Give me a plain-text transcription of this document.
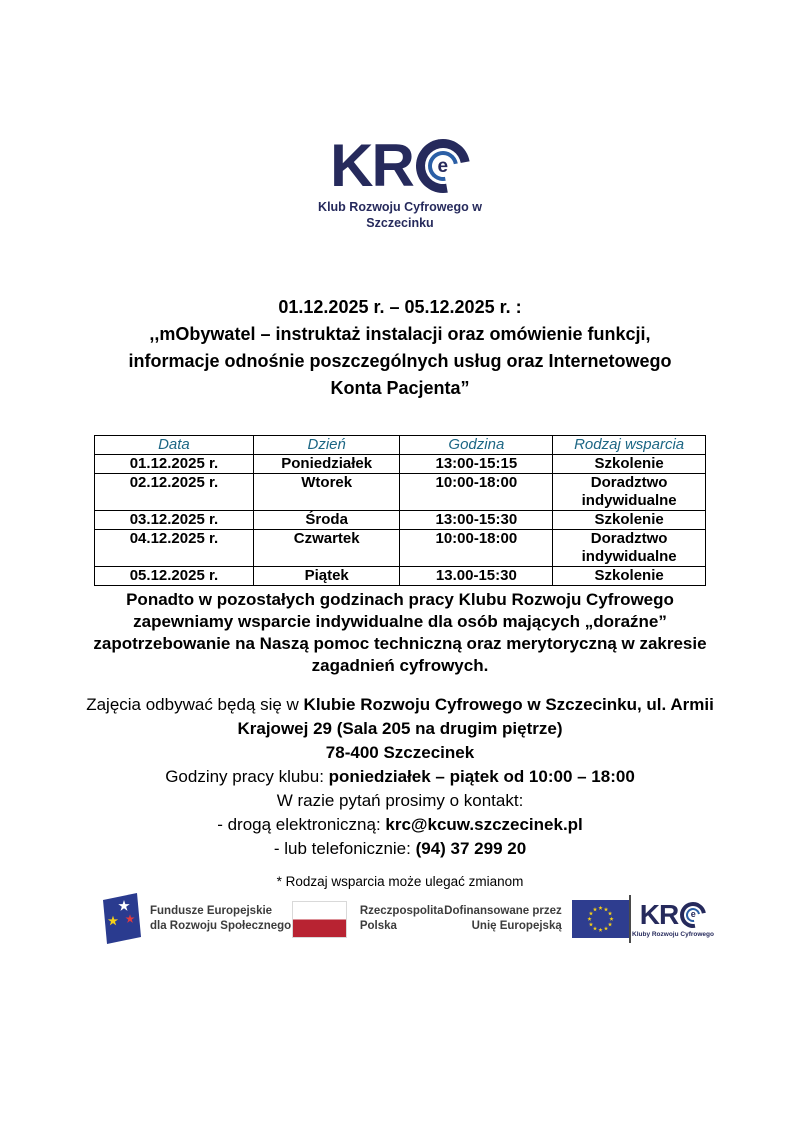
KR	e
Klub Rozwoju Cyfrowego w
Szczecinku
01.12.2025 r. – 05.12.2025 r. :
,,mObywatel – instruktaż instalacji oraz omówienie funkcji,
informacje odnośnie poszczególnych usług oraz Internetowego
Konta Pacjenta”
Data	Dzień	Godzina	Rodzaj wsparcia
01.12.2025 r.	Poniedziałek	13:00-15:15	Szkolenie
02.12.2025 r.	Wtorek	10:00-18:00	Doradztwo indywidualne
03.12.2025 r.	Środa	13:00-15:30	Szkolenie
04.12.2025 r.	Czwartek	10:00-18:00	Doradztwo indywidualne
05.12.2025 r.	Piątek	13.00-15:30	Szkolenie
Ponadto w pozostałych godzinach pracy Klubu Rozwoju Cyfrowego
zapewniamy wsparcie indywidualne dla osób mających „doraźne”
zapotrzebowanie na Naszą pomoc techniczną oraz merytoryczną w zakresie
zagadnień cyfrowych.
Zajęcia odbywać będą się w Klubie Rozwoju Cyfrowego w Szczecinku, ul. Armii
Krajowej 29 (Sala 205 na drugim piętrze)
78-400 Szczecinek
Godziny pracy klubu: poniedziałek – piątek od 10:00 – 18:00
W razie pytań prosimy o kontakt:
- drogą elektroniczną: krc@kcuw.szczecinek.pl
- lub telefonicznie: (94) 37 299 20
* Rodzaj wsparcia może ulegać zmianom
Fundusze Europejskie
dla Rozwoju Społecznego
Rzeczpospolita
Polska
Dofinansowane przez
Unię Europejską	KR	e
Kluby Rozwoju Cyfrowego
